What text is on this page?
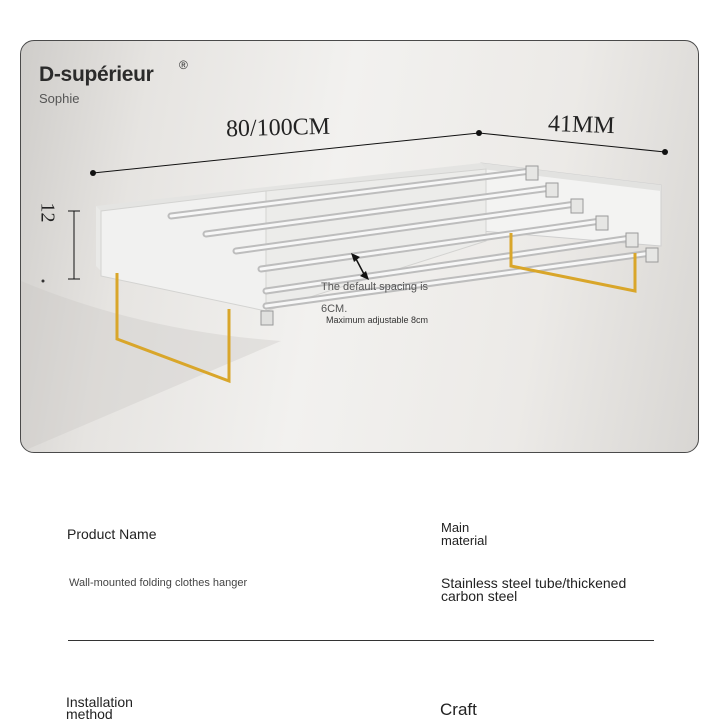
D-supérieur ®
Sophie
80/100CM	41MM
12
The default spacing is
6CM.
Maximum adjustable 8cm
Product Name	Main material
Wall-mounted folding clothes hanger	Stainless steel tube/thickened carbon steel
Installation method	Craft
